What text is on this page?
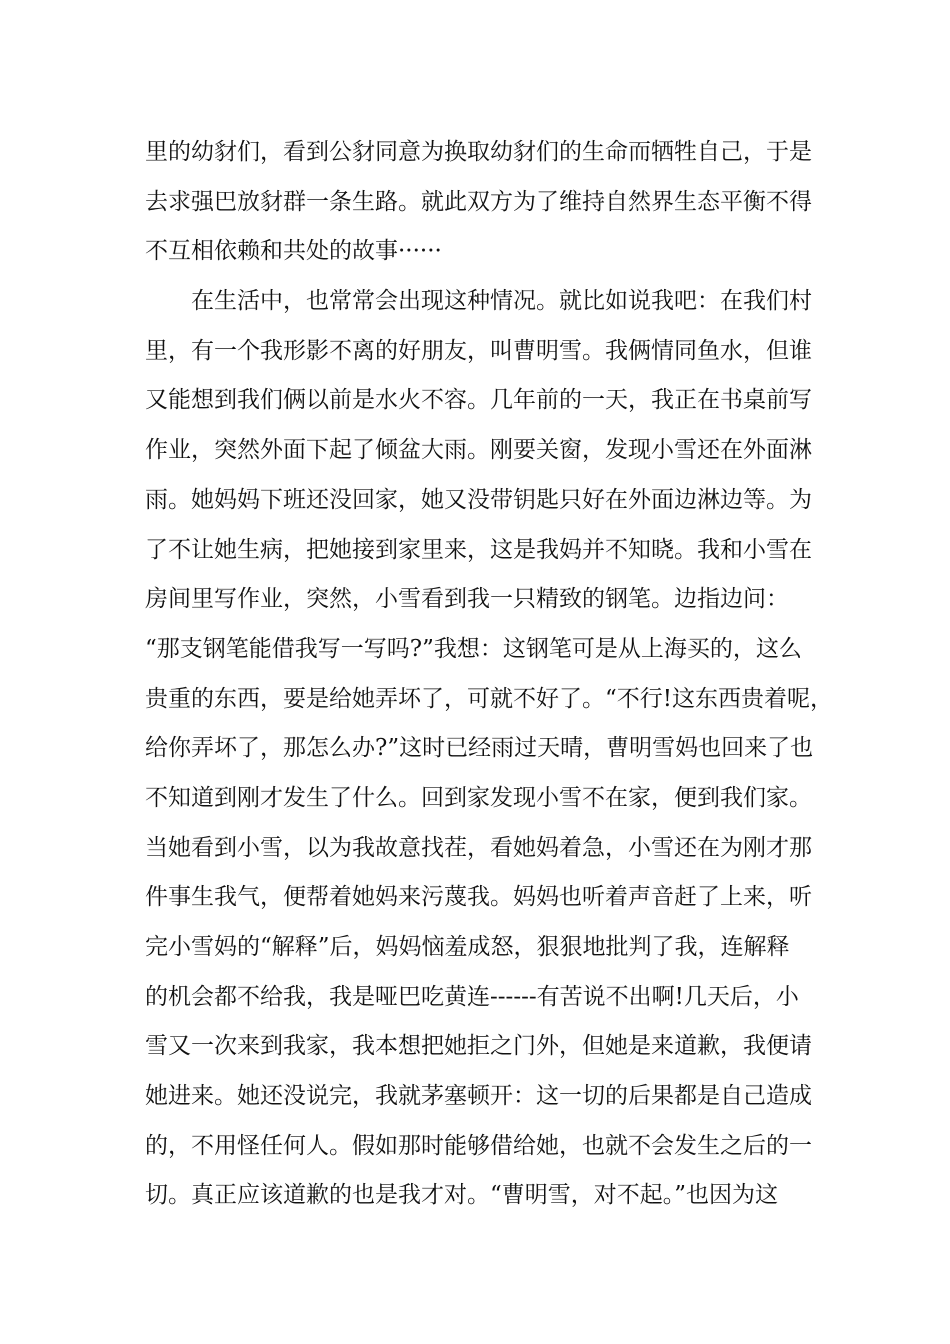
里的幼豺们，看到公豺同意为换取幼豺们的生命而牺牲自己，于是
去求强巴放豺群一条生路。就此双方为了维持自然界生态平衡不得
不互相依赖和共处的故事······
在生活中，也常常会出现这种情况。就比如说我吧：在我们村
里，有一个我形影不离的好朋友，叫曹明雪。我俩情同鱼水，但谁
又能想到我们俩以前是水火不容。几年前的一天，我正在书桌前写
作业，突然外面下起了倾盆大雨。刚要关窗，发现小雪还在外面淋
雨。她妈妈下班还没回家，她又没带钥匙只好在外面边淋边等。为
了不让她生病，把她接到家里来，这是我妈并不知晓。我和小雪在
房间里写作业，突然，小雪看到我一只精致的钢笔。边指边问：
“那支钢笔能借我写一写吗?”我想：这钢笔可是从上海买的，这么
贵重的东西，要是给她弄坏了，可就不好了。“不行!这东西贵着呢，
给你弄坏了，那怎么办?”这时已经雨过天晴，曹明雪妈也回来了也
不知道到刚才发生了什么。回到家发现小雪不在家，便到我们家。
当她看到小雪，以为我故意找茬，看她妈着急，小雪还在为刚才那
件事生我气，便帮着她妈来污蔑我。妈妈也听着声音赶了上来，听
完小雪妈的“解释”后，妈妈恼羞成怒，狠狠地批判了我，连解释
的机会都不给我，我是哑巴吃黄连------有苦说不出啊!几天后，小
雪又一次来到我家，我本想把她拒之门外，但她是来道歉，我便请
她进来。她还没说完，我就茅塞顿开：这一切的后果都是自己造成
的，不用怪任何人。假如那时能够借给她，也就不会发生之后的一
切。真正应该道歉的也是我才对。“曹明雪，对不起。”也因为这
